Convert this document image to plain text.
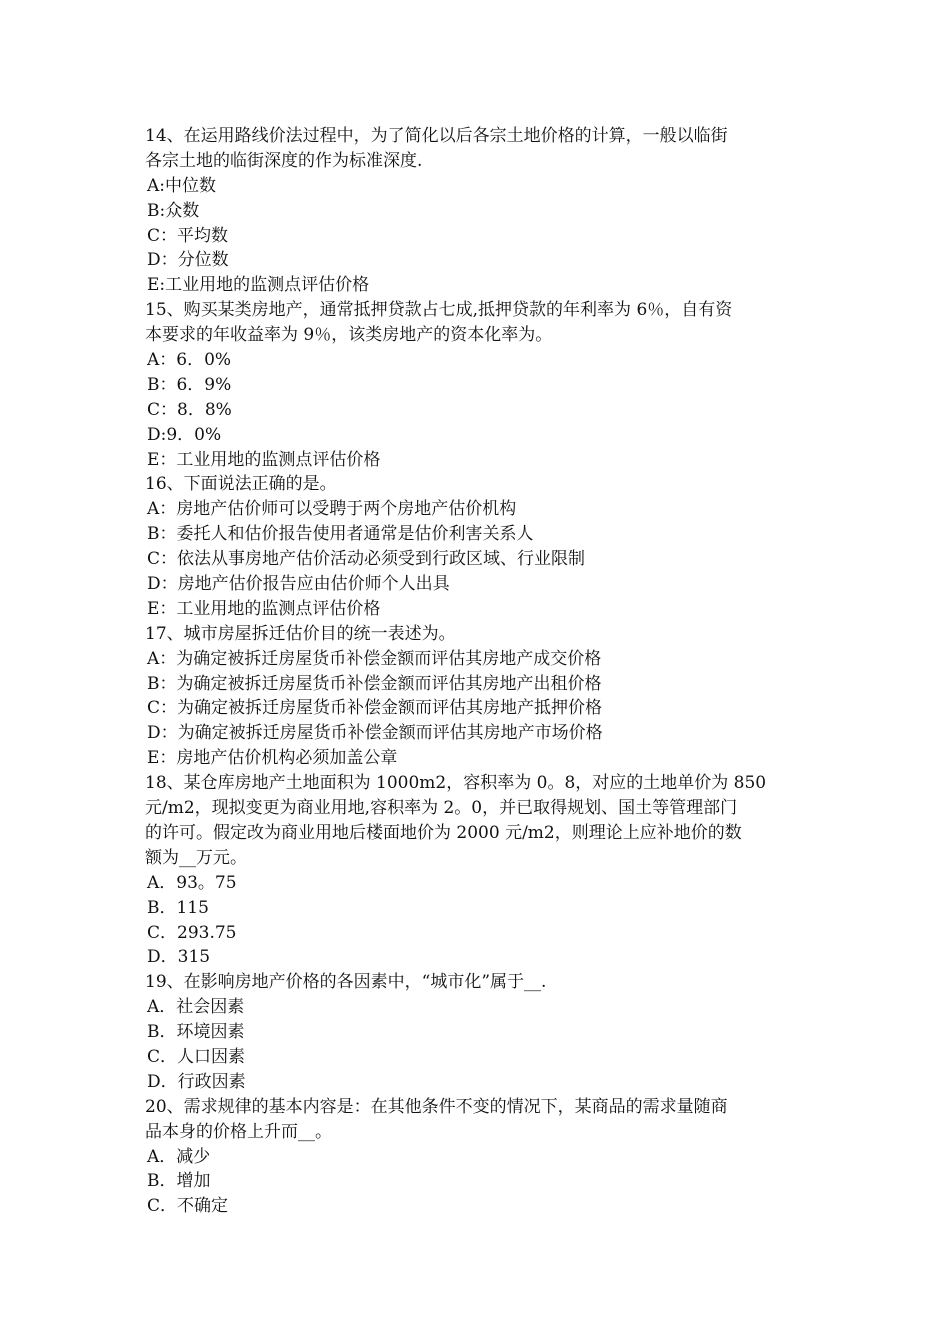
14、在运用路线价法过程中，为了简化以后各宗土地价格的计算，一般以临街
各宗土地的临街深度的作为标准深度.
A:中位数
B:众数
C：平均数
D：分位数
E:工业用地的监测点评估价格
15、购买某类房地产，通常抵押贷款占七成,抵押贷款的年利率为 6％，自有资
本要求的年收益率为 9％，该类房地产的资本化率为。
A：6．0%
B：6．9%
C：8．8%
D:9．0%
E：工业用地的监测点评估价格
16、下面说法正确的是。
A：房地产估价师可以受聘于两个房地产估价机构
B：委托人和估价报告使用者通常是估价利害关系人
C：依法从事房地产估价活动必须受到行政区域、行业限制
D：房地产估价报告应由估价师个人出具
E：工业用地的监测点评估价格
17、城市房屋拆迁估价目的统一表述为。
A：为确定被拆迁房屋货币补偿金额而评估其房地产成交价格
B：为确定被拆迁房屋货币补偿金额而评估其房地产出租价格
C：为确定被拆迁房屋货币补偿金额而评估其房地产抵押价格
D：为确定被拆迁房屋货币补偿金额而评估其房地产市场价格
E：房地产估价机构必须加盖公章
18、某仓库房地产土地面积为 1000m2，容积率为 0。8，对应的土地单价为 850
元/m2，现拟变更为商业用地,容积率为 2。0，并已取得规划、国土等管理部门
的许可。假定改为商业用地后楼面地价为 2000 元/m2，则理论上应补地价的数
额为__万元。
A．93。75
B．115
C．293.75
D．315
19、在影响房地产价格的各因素中，“城市化”属于__.
A．社会因素
B．环境因素
C．人口因素
D．行政因素
20、需求规律的基本内容是：在其他条件不变的情况下，某商品的需求量随商
品本身的价格上升而__。
A．减少
B．增加
C．不确定
